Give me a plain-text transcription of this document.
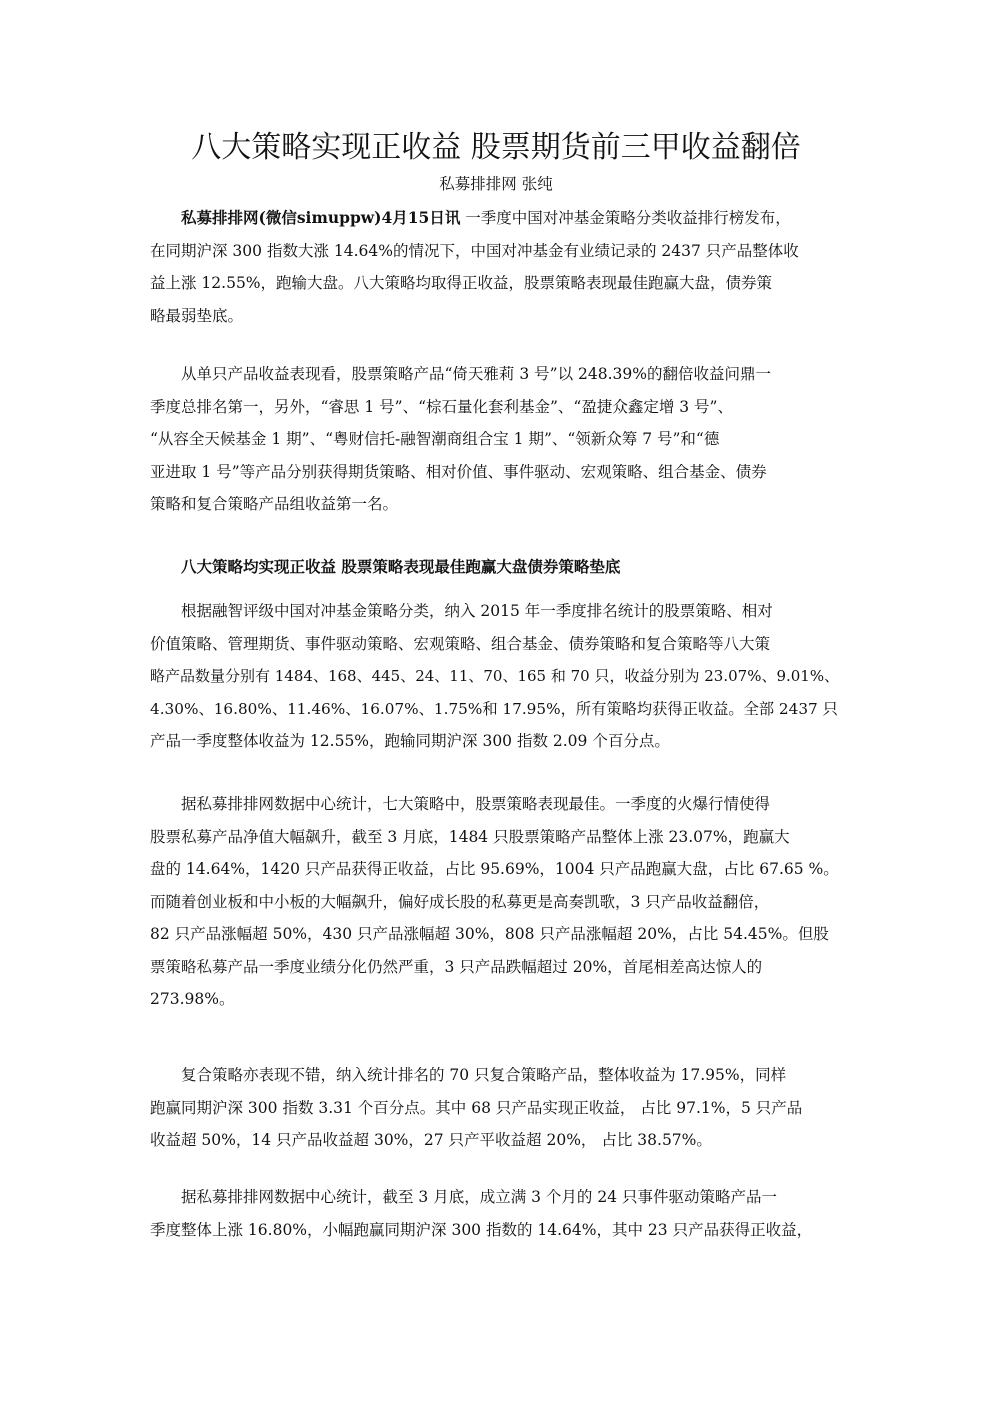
八大策略实现正收益 股票期货前三甲收益翻倍
私募排排网 张纯
私募排排网(微信simuppw)4月15日讯 一季度中国对冲基金策略分类收益排行榜发布，
在同期沪深 300 指数大涨 14.64%的情况下，中国对冲基金有业绩记录的 2437 只产品整体收
益上涨 12.55%，跑输大盘。八大策略均取得正收益，股票策略表现最佳跑赢大盘，债券策
略最弱垫底。
从单只产品收益表现看，股票策略产品“倚天雅莉 3 号”以 248.39%的翻倍收益问鼎一
季度总排名第一，另外，“睿思 1 号”、“棕石量化套利基金”、“盈捷众鑫定增 3 号”、
“从容全天候基金 1 期”、“粤财信托-融智潮商组合宝 1 期”、“领新众筹 7 号”和“德
亚进取 1 号”等产品分别获得期货策略、相对价值、事件驱动、宏观策略、组合基金、债券
策略和复合策略产品组收益第一名。
八大策略均实现正收益 股票策略表现最佳跑赢大盘债券策略垫底
根据融智评级中国对冲基金策略分类，纳入 2015 年一季度排名统计的股票策略、相对
价值策略、管理期货、事件驱动策略、宏观策略、组合基金、债券策略和复合策略等八大策
略产品数量分别有 1484、168、445、24、11、70、165 和 70 只，收益分别为 23.07%、9.01%、
4.30%、16.80%、11.46%、16.07%、1.75%和 17.95%，所有策略均获得正收益。全部 2437 只
产品一季度整体收益为 12.55%，跑输同期沪深 300 指数 2.09 个百分点。
据私募排排网数据中心统计，七大策略中，股票策略表现最佳。一季度的火爆行情使得
股票私募产品净值大幅飙升，截至 3 月底，1484 只股票策略产品整体上涨 23.07%，跑赢大
盘的 14.64%，1420 只产品获得正收益，占比 95.69%，1004 只产品跑赢大盘，占比 67.65 %。
而随着创业板和中小板的大幅飙升，偏好成长股的私募更是高奏凯歌，3 只产品收益翻倍，
82 只产品涨幅超 50%，430 只产品涨幅超 30%，808 只产品涨幅超 20%，占比 54.45%。但股
票策略私募产品一季度业绩分化仍然严重，3 只产品跌幅超过 20%，首尾相差高达惊人的
273.98%。
复合策略亦表现不错，纳入统计排名的 70 只复合策略产品，整体收益为 17.95%，同样
跑赢同期沪深 300 指数 3.31 个百分点。其中 68 只产品实现正收益， 占比 97.1%，5 只产品
收益超 50%，14 只产品收益超 30%，27 只产平收益超 20%， 占比 38.57%。
据私募排排网数据中心统计，截至 3 月底，成立满 3 个月的 24 只事件驱动策略产品一
季度整体上涨 16.80%，小幅跑赢同期沪深 300 指数的 14.64%，其中 23 只产品获得正收益，
